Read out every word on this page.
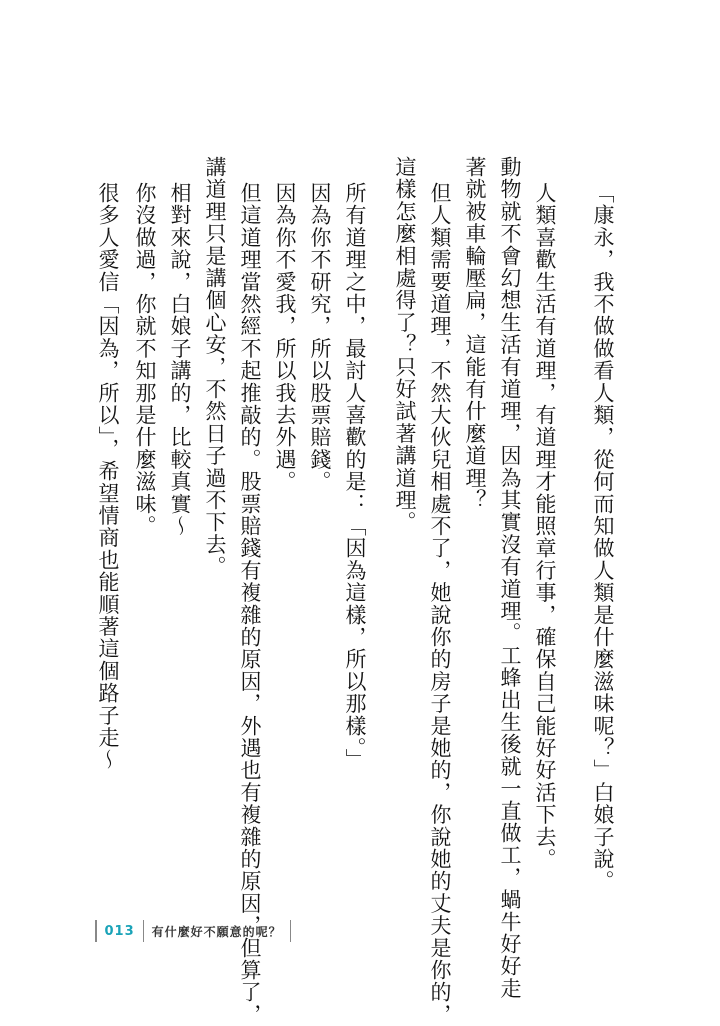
「康永，我不做做看人類，從何而知做人類是什麼滋味呢？」白娘子說。
人類喜歡生活有道理，有道理才能照章行事，確保自己能好好活下去。
動物就不會幻想生活有道理，因為其實沒有道理。工蜂出生後就一直做工，蝸牛好好走
著就被車輪壓扁，這能有什麼道理？
但人類需要道理，不然大伙兒相處不了，她說你的房子是她的，你說她的丈夫是你的，
這樣怎麼相處得了？只好試著講道理。
所有道理之中，最討人喜歡的是：「因為這樣，所以那樣。」
因為你不研究，所以股票賠錢。
因為你不愛我，所以我去外遇。
但這道理當然經不起推敲的。股票賠錢有複雜的原因，外遇也有複雜的原因，但算了，
講道理只是講個心安，不然日子過不下去。
相對來說，白娘子講的，比較真實～
你沒做過，你就不知那是什麼滋味。
很多人愛信「因為，所以」，希望情商也能順著這個路子走～
013	有什麼好不願意的呢？
